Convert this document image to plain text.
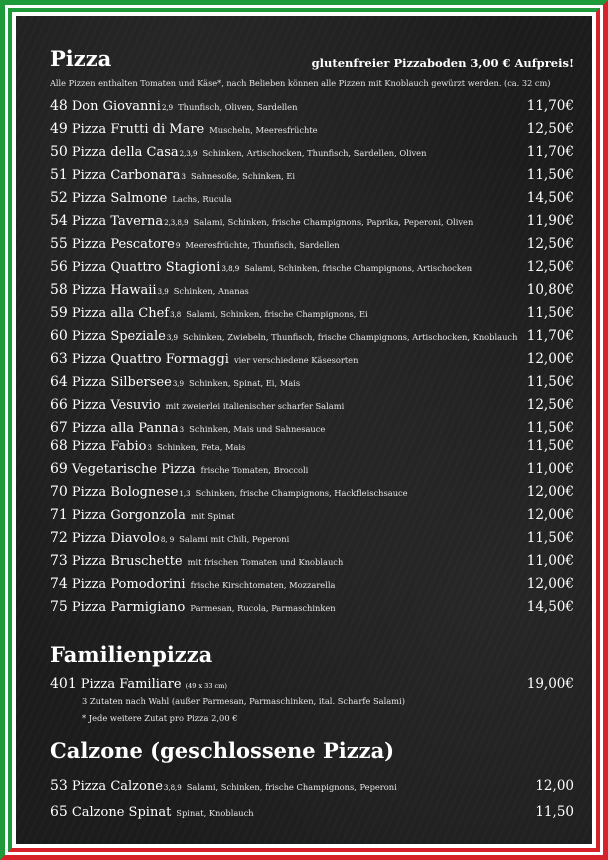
Pizza	glutenfreier Pizzaboden 3,00 € Aufpreis!
Alle Pizzen enthalten Tomaten und Käse*, nach Belieben können alle Pizzen mit Knoblauch gewürzt werden. (ca. 32 cm)
48 Don Giovanni 2,9 Thunfisch, Oliven, Sardellen	11,70€
49 Pizza Frutti di Mare Muscheln, Meeresfrüchte	12,50€
50 Pizza della Casa 2,3,9 Schinken, Artischocken, Thunfisch, Sardellen, Oliven	11,70€
51 Pizza Carbonara 3 Sahnesoße, Schinken, Ei	11,50€
52 Pizza Salmone Lachs, Rucula	14,50€
54 Pizza Taverna 2,3,8,9 Salami, Schinken, frische Champignons, Paprika, Peperoni, Oliven	11,90€
55 Pizza Pescatore 9 Meeresfrüchte, Thunfisch, Sardellen	12,50€
56 Pizza Quattro Stagioni 3,8,9 Salami, Schinken, frische Champignons, Artischocken	12,50€
58 Pizza Hawaii 3,9 Schinken, Ananas	10,80€
59 Pizza alla Chef 3,8 Salami, Schinken, frische Champignons, Ei	11,50€
60 Pizza Speziale 3,9 Schinken, Zwiebeln, Thunfisch, frische Champignons, Artischocken, Knoblauch 11,70€
63 Pizza Quattro Formaggi vier verschiedene Käsesorten	12,00€
64 Pizza Silbersee 3,9 Schinken, Spinat, Ei, Mais	11,50€
66 Pizza Vesuvio mit zweierlei italienischer scharfer Salami	12,50€
67 Pizza alla Panna 3 Schinken, Mais und Sahnesauce	11,50€
68 Pizza Fabio 3 Schinken, Feta, Mais	11,50€
69 Vegetarische Pizza frische Tomaten, Broccoli	11,00€
70 Pizza Bolognese 1,3 Schinken, frische Champignons, Hackfleischsauce	12,00€
71 Pizza Gorgonzola mit Spinat	12,00€
72 Pizza Diavolo 8, 9 Salami mit Chili, Peperoni	11,50€
73 Pizza Bruschette mit frischen Tomaten und Knoblauch	11,00€
74 Pizza Pomodorini frische Kirschtomaten, Mozzarella	12,00€
75 Pizza Parmigiano Parmesan, Rucola, Parmaschinken	14,50€
Familienpizza
401 Pizza Familiare (49 x 33 cm)	19,00€
3 Zutaten nach Wahl (außer Parmesan, Parmaschinken, ital. Scharfe Salami)
* Jede weitere Zutat pro Pizza 2,00 €
Calzone (geschlossene Pizza)
53 Pizza Calzone 3,8,9 Salami, Schinken, frische Champignons, Peperoni	12,00
65 Calzone Spinat Spinat, Knoblauch	11,50
